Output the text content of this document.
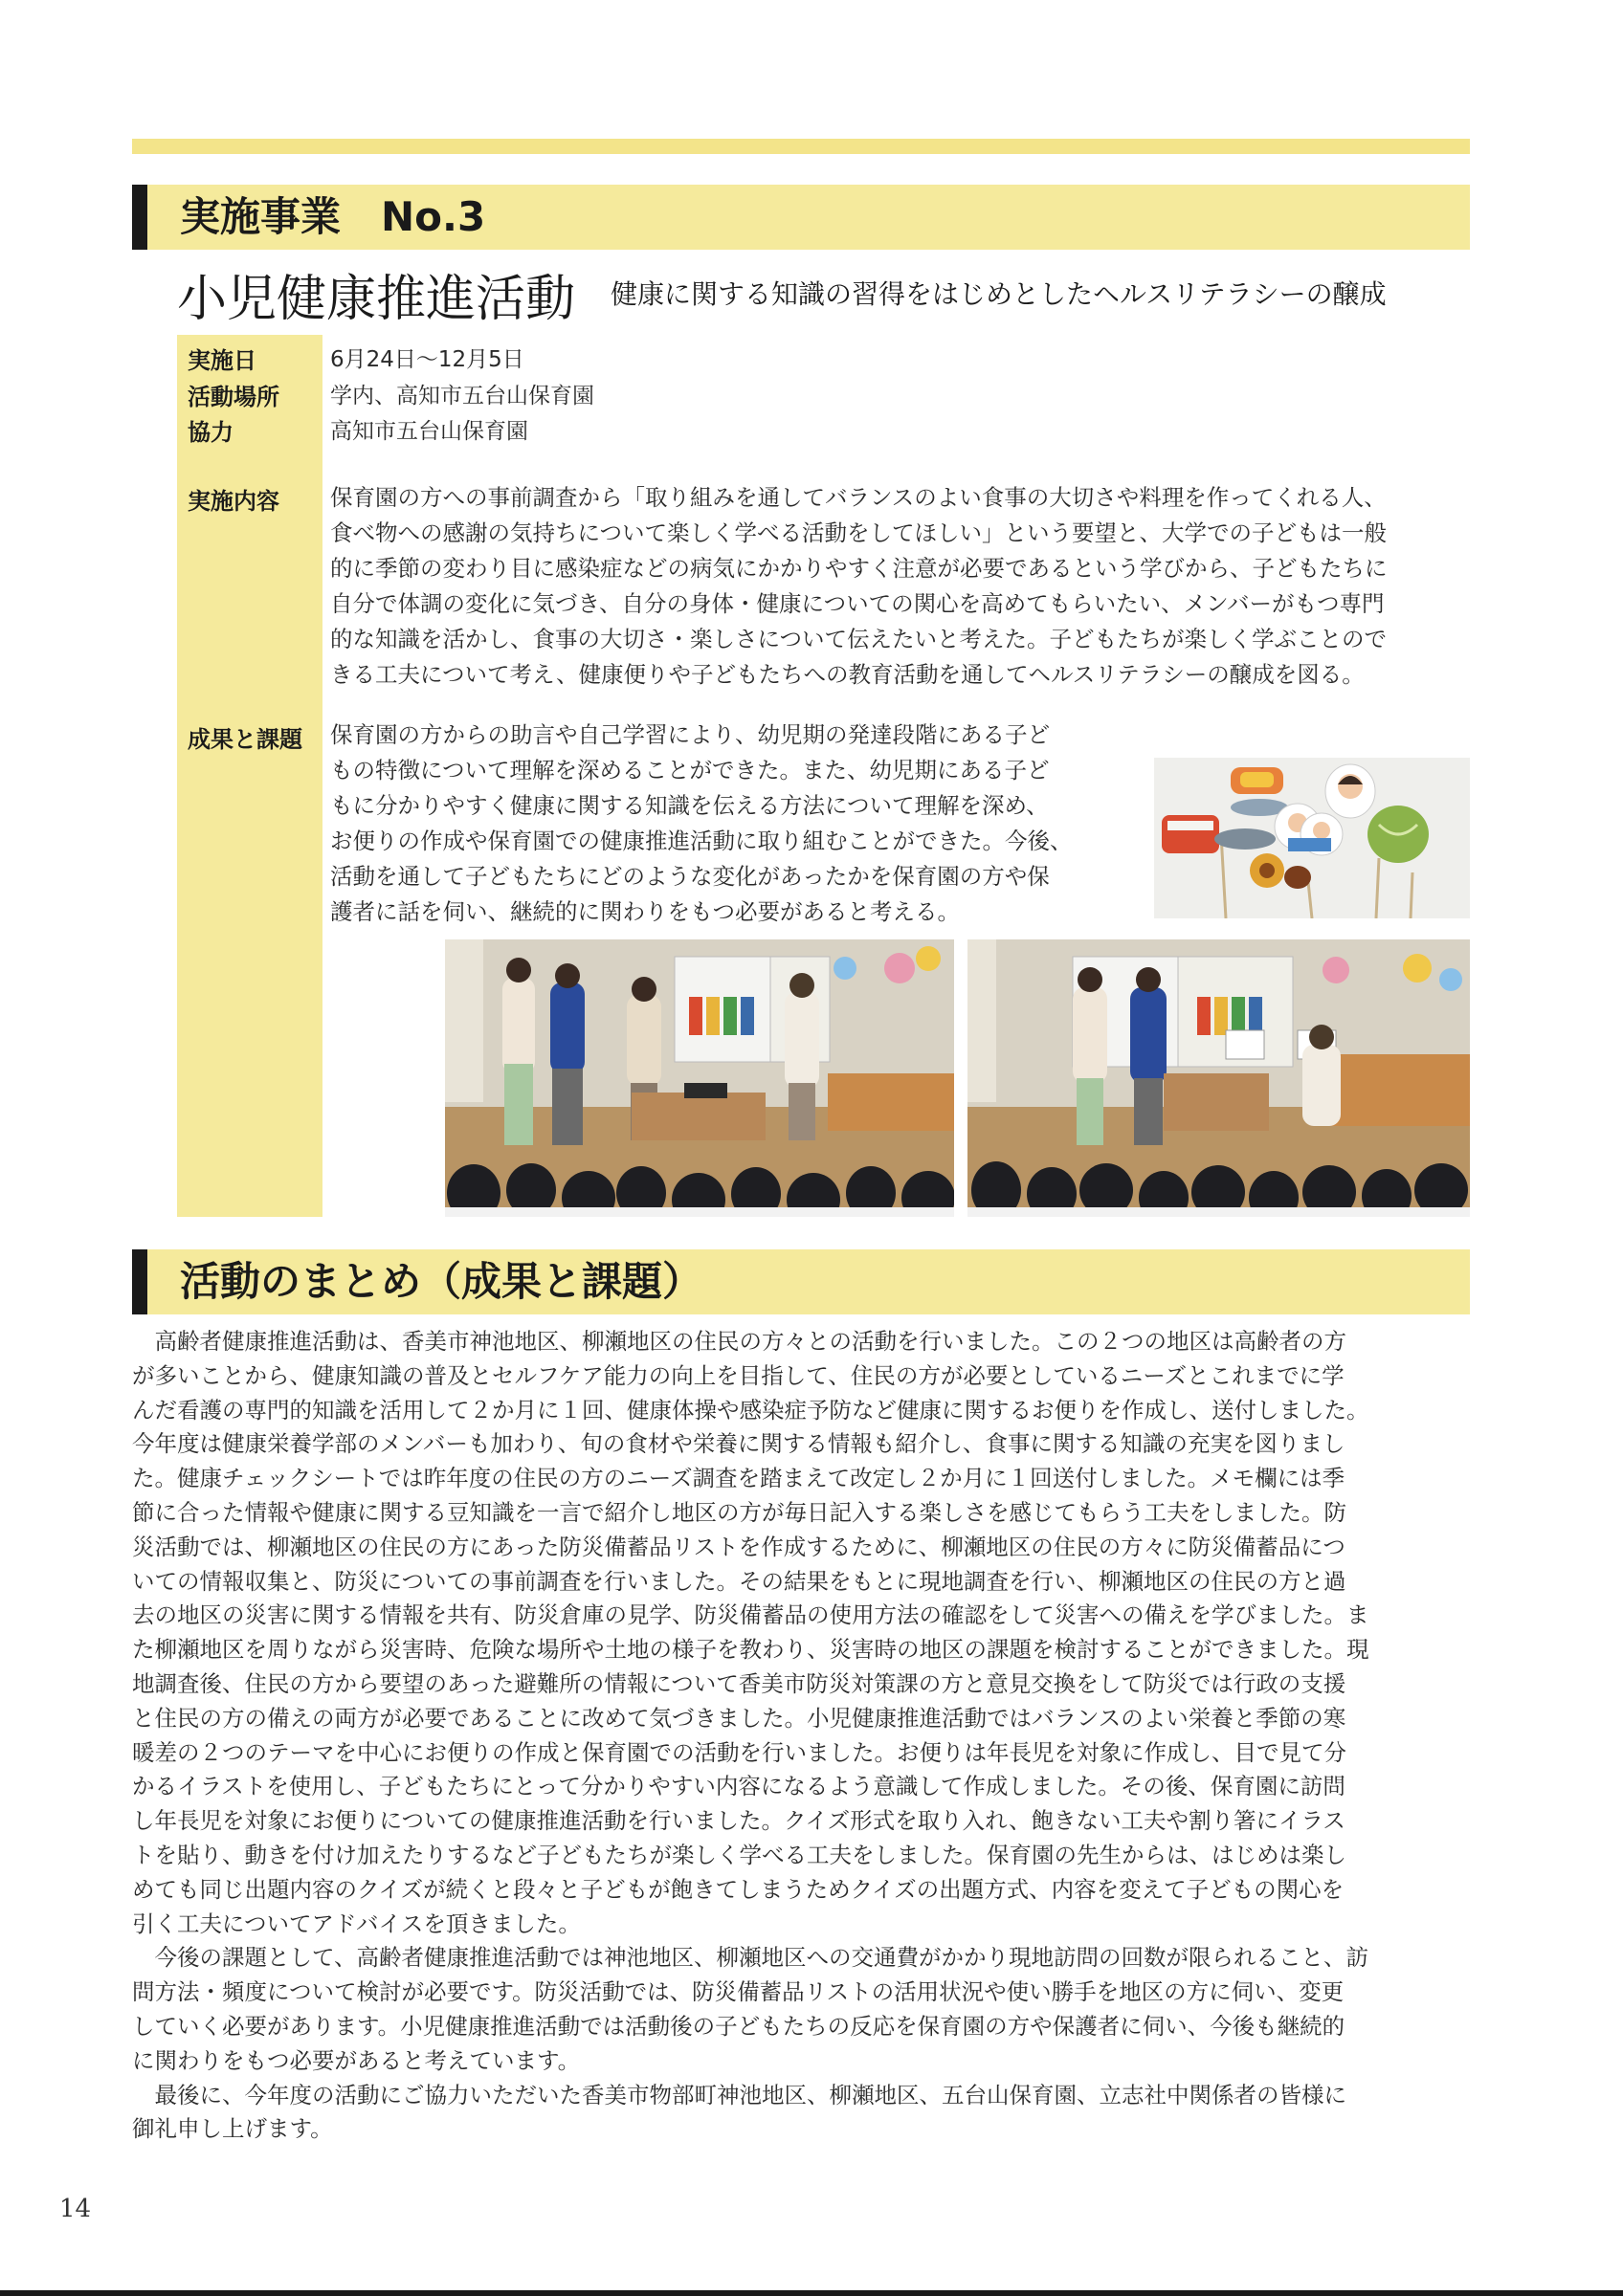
実施事業　No.3
小児健康推進活動 健康に関する知識の習得をはじめとしたヘルスリテラシーの醸成
実施日	6月24日～12月5日
活動場所 学内、高知市五台山保育園
協力	高知市五台山保育園
実施内容 保育園の方への事前調査から「取り組みを通してバランスのよい食事の大切さや料理を作ってくれる人、
食べ物への感謝の気持ちについて楽しく学べる活動をしてほしい」という要望と、大学での子どもは一般
的に季節の変わり目に感染症などの病気にかかりやすく注意が必要であるという学びから、子どもたちに
自分で体調の変化に気づき、自分の身体・健康についての関心を高めてもらいたい、メンバーがもつ専門
的な知識を活かし、食事の大切さ・楽しさについて伝えたいと考えた。子どもたちが楽しく学ぶことので
きる工夫について考え、健康便りや子どもたちへの教育活動を通してヘルスリテラシーの醸成を図る。
成果と課題 保育園の方からの助言や自己学習により、幼児期の発達段階にある子ど
もの特徴について理解を深めることができた。また、幼児期にある子ど
もに分かりやすく健康に関する知識を伝える方法について理解を深め、
お便りの作成や保育園での健康推進活動に取り組むことができた。今後、
活動を通して子どもたちにどのような変化があったかを保育園の方や保
護者に話を伺い、継続的に関わりをもつ必要があると考える。
活動のまとめ（成果と課題）
　高齢者健康推進活動は、香美市神池地区、柳瀬地区の住民の方々との活動を行いました。この２つの地区は高齢者の方
が多いことから、健康知識の普及とセルフケア能力の向上を目指して、住民の方が必要としているニーズとこれまでに学
んだ看護の専門的知識を活用して２か月に１回、健康体操や感染症予防など健康に関するお便りを作成し、送付しました。
今年度は健康栄養学部のメンバーも加わり、旬の食材や栄養に関する情報も紹介し、食事に関する知識の充実を図りまし
た。健康チェックシートでは昨年度の住民の方のニーズ調査を踏まえて改定し２か月に１回送付しました。メモ欄には季
節に合った情報や健康に関する豆知識を一言で紹介し地区の方が毎日記入する楽しさを感じてもらう工夫をしました。防
災活動では、柳瀬地区の住民の方にあった防災備蓄品リストを作成するために、柳瀬地区の住民の方々に防災備蓄品につ
いての情報収集と、防災についての事前調査を行いました。その結果をもとに現地調査を行い、柳瀬地区の住民の方と過
去の地区の災害に関する情報を共有、防災倉庫の見学、防災備蓄品の使用方法の確認をして災害への備えを学びました。ま
た柳瀬地区を周りながら災害時、危険な場所や土地の様子を教わり、災害時の地区の課題を検討することができました。現
地調査後、住民の方から要望のあった避難所の情報について香美市防災対策課の方と意見交換をして防災では行政の支援
と住民の方の備えの両方が必要であることに改めて気づきました。小児健康推進活動ではバランスのよい栄養と季節の寒
暖差の２つのテーマを中心にお便りの作成と保育園での活動を行いました。お便りは年長児を対象に作成し、目で見て分
かるイラストを使用し、子どもたちにとって分かりやすい内容になるよう意識して作成しました。その後、保育園に訪問
し年長児を対象にお便りについての健康推進活動を行いました。クイズ形式を取り入れ、飽きない工夫や割り箸にイラス
トを貼り、動きを付け加えたりするなど子どもたちが楽しく学べる工夫をしました。保育園の先生からは、はじめは楽し
めても同じ出題内容のクイズが続くと段々と子どもが飽きてしまうためクイズの出題方式、内容を変えて子どもの関心を
引く工夫についてアドバイスを頂きました。
　今後の課題として、高齢者健康推進活動では神池地区、柳瀬地区への交通費がかかり現地訪問の回数が限られること、訪
問方法・頻度について検討が必要です。防災活動では、防災備蓄品リストの活用状況や使い勝手を地区の方に伺い、変更
していく必要があります。小児健康推進活動では活動後の子どもたちの反応を保育園の方や保護者に伺い、今後も継続的
に関わりをもつ必要があると考えています。
　最後に、今年度の活動にご協力いただいた香美市物部町神池地区、柳瀬地区、五台山保育園、立志社中関係者の皆様に
御礼申し上げます。
14
